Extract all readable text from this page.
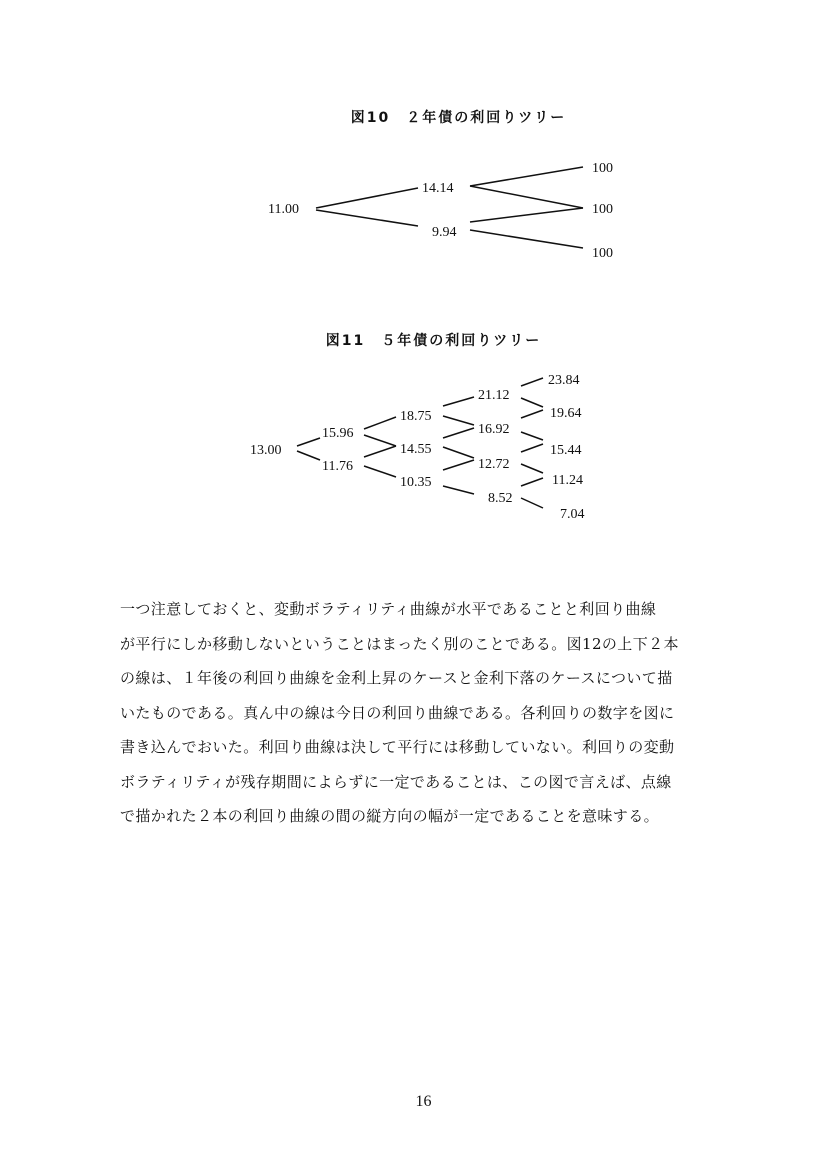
図10　２年債の利回りツリー
11.00
14.14
9.94
100
100
100
図11　５年債の利回りツリー
13.00
15.96
11.76
18.75
14.55
10.35
21.12
16.92
12.72
8.52
23.84
19.64
15.44
11.24
7.04

一つ注意しておくと、変動ボラティリティ曲線が水平であることと利回り曲線

が平行にしか移動しないということはまったく別のことである。図12の上下２本

の線は、１年後の利回り曲線を金利上昇のケースと金利下落のケースについて描

いたものである。真ん中の線は今日の利回り曲線である。各利回りの数字を図に

書き込んでおいた。利回り曲線は決して平行には移動していない。利回りの変動

ボラティリティが残存期間によらずに一定であることは、この図で言えば、点線

で描かれた２本の利回り曲線の間の縦方向の幅が一定であることを意味する。

16
